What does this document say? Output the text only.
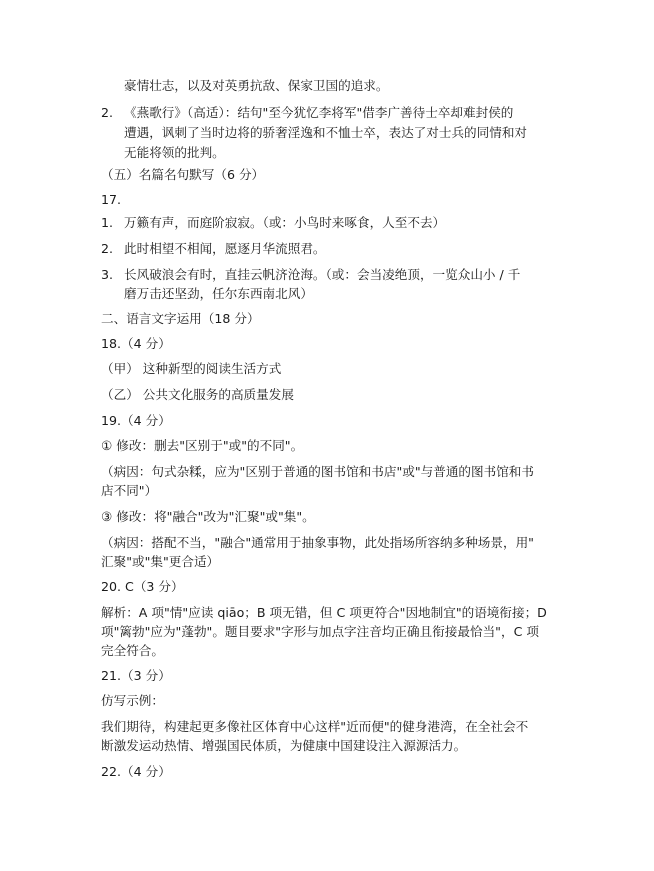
豪情壮志，以及对英勇抗敌、保家卫国的追求。
2. 《燕歌行》（高适）：结句"至今犹忆李将军"借李广善待士卒却难封侯的
遭遇，讽刺了当时边将的骄奢淫逸和不恤士卒，表达了对士兵的同情和对
无能将领的批判。
（五）名篇名句默写（6 分）
17.
1. 万籁有声，而庭阶寂寂。（或：小鸟时来啄食，人至不去）
2. 此时相望不相闻，愿逐月华流照君。
3. 长风破浪会有时，直挂云帆济沧海。（或：会当凌绝顶，一览众山小 / 千
磨万击还坚劲，任尔东西南北风）
二、语言文字运用（18 分）
18.（4 分）
（甲） 这种新型的阅读生活方式
（乙） 公共文化服务的高质量发展
19.（4 分）
① 修改：删去"区别于"或"的不同"。
（病因：句式杂糅，应为"区别于普通的图书馆和书店"或"与普通的图书馆和书
店不同"）
③ 修改：将"融合"改为"汇聚"或"集"。
（病因：搭配不当，"融合"通常用于抽象事物，此处指场所容纳多种场景，用"
汇聚"或"集"更合适）
20. C（3 分）
解析：A 项"情"应读 qiāo；B 项无错，但 C 项更符合"因地制宜"的语境衔接；D
项"篱勃"应为"蓬勃"。题目要求"字形与加点字注音均正确且衔接最恰当"，C 项
完全符合。
21.（3 分）
仿写示例：
我们期待，构建起更多像社区体育中心这样"近而便"的健身港湾，在全社会不
断激发运动热情、增强国民体质，为健康中国建设注入源源活力。
22.（4 分）
